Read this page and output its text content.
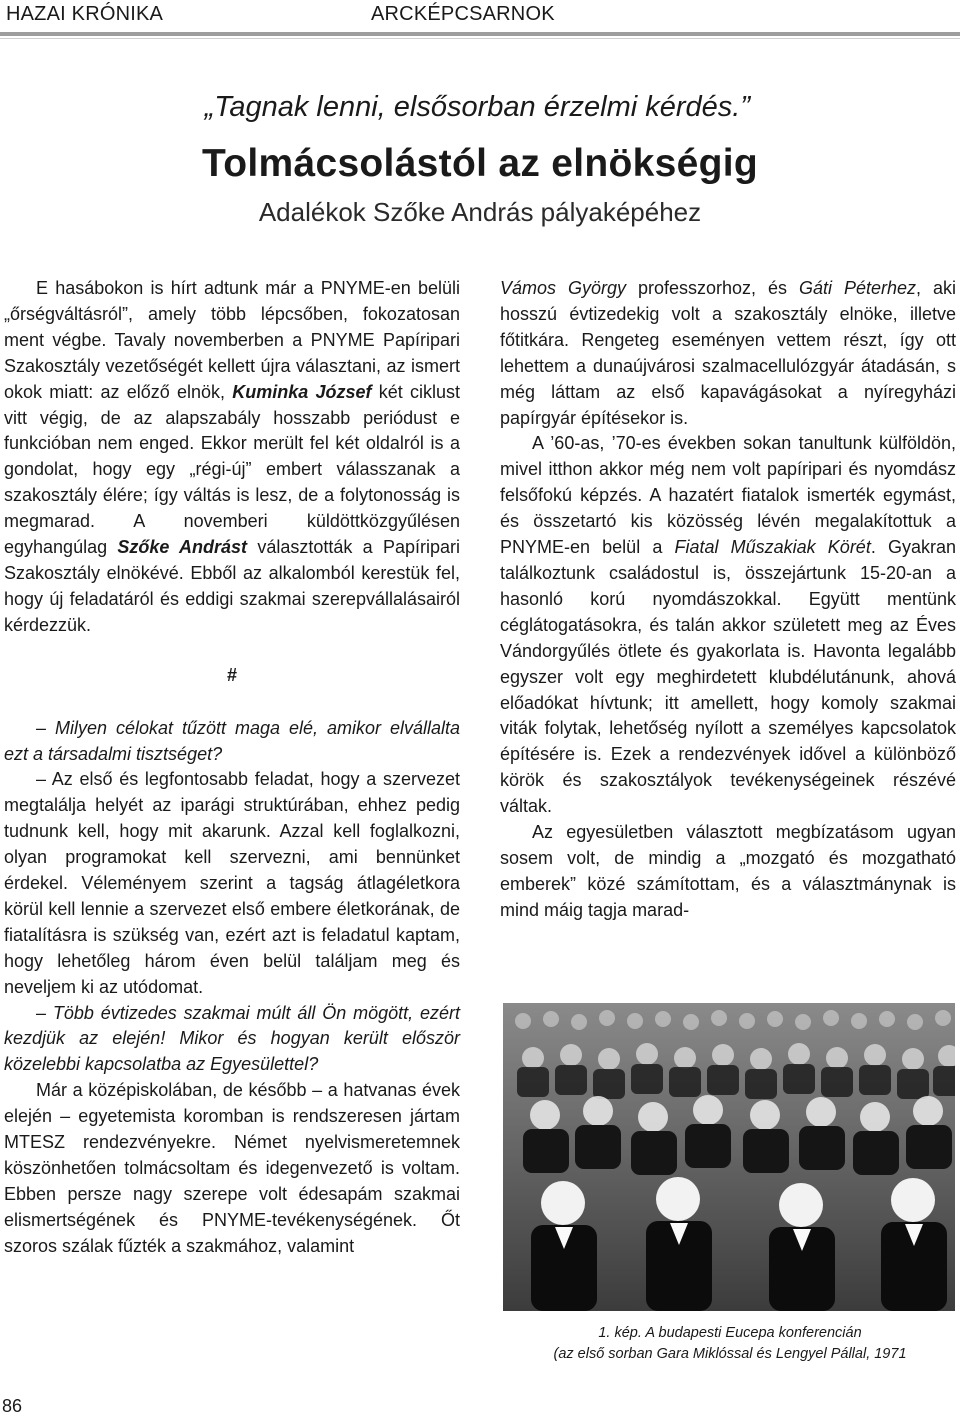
HAZAI KRÓNIKA	ARCKÉPCSARNOK
„Tagnak lenni, elsősorban érzelmi kérdés.”
Tolmácsolástól az elnökségig
Adalékok Szőke András pályaképéhez

E hasábokon is hírt adtunk már a PNYME-en belüli „őrségváltásról”, amely több lépcsőben, fokozatosan ment végbe. Tavaly novemberben a PNYME Papíripari Szakosztály vezetőségét kellett újra választani, az ismert okok miatt: az előző elnök, Kuminka József két ciklust vitt végig, de az alapszabály hosszabb periódust e funkcióban nem enged. Ekkor merült fel két oldalról is a gondolat, hogy egy „régi-új” embert válasszanak a szakosztály élére; így váltás is lesz, de a folytonosság is megmarad. A novemberi küldöttközgyűlésen egyhangúlag Szőke Andrást választották a Papíripari Szakosztály elnökévé. Ebből az alkalomból kerestük fel, hogy új feladatáról és eddigi szakmai szerepvállalásairól kérdezzük.

#

– Milyen célokat tűzött maga elé, amikor elvállalta ezt a társadalmi tisztséget?

– Az első és legfontosabb feladat, hogy a szervezet megtalálja helyét az iparági struktúrában, ehhez pedig tudnunk kell, hogy mit akarunk. Azzal kell foglalkozni, olyan programokat kell szervezni, ami bennünket érdekel. Véleményem szerint a tagság átlagéletkora körül kell lennie a szervezet első embere életkorának, de fiatalításra is szükség van, ezért azt is feladatul kaptam, hogy lehetőleg három éven belül találjam meg és neveljem ki az utódomat.

– Több évtizedes szakmai múlt áll Ön mögött, ezért kezdjük az elején! Mikor és hogyan került először közelebbi kapcsolatba az Egyesülettel?

Már a középiskolában, de később – a hatvanas évek elején – egyetemista koromban is rendszeresen jártam MTESZ rendezvényekre. Német nyelvismeretemnek köszönhetően tolmácsoltam és idegenvezető is voltam. Ebben persze nagy szerepe volt édesapám szakmai elismertségének és PNYME-tevékenységének. Őt szoros szálak fűzték a szakmához, valamint

Vámos György professzorhoz, és Gáti Péterhez, aki hosszú évtizedekig volt a szakosztály elnöke, illetve főtitkára. Rengeteg eseményen vettem részt, így ott lehettem a dunaújvárosi szalmacellulózgyár átadásán, s még láttam az első kapavágásokat a nyíregyházi papírgyár építésekor is.

A ’60-as, ’70-es években sokan tanultunk külföldön, mivel itthon akkor még nem volt papíripari és nyomdász felsőfokú képzés. A hazatért fiatalok ismerték egymást, és összetartó kis közösség lévén megalakítottuk a PNYME-en belül a Fiatal Műszakiak Körét. Gyakran találkoztunk családostul is, összejártunk 15-20-an a hasonló korú nyomdászokkal. Együtt mentünk céglátogatásokra, és talán akkor született meg az Éves Vándorgyűlés ötlete és gyakorlata is. Havonta legalább egyszer volt egy meghirdetett klubdélutánunk, ahová előadókat hívtunk; itt amellett, hogy komoly szakmai viták folytak, lehetőség nyílott a személyes kapcsolatok építésére is. Ezek a rendezvények idővel a különböző körök és szakosztályok tevékenységeinek részévé váltak.

Az egyesületben választott megbízatásom ugyan sosem volt, de mindig a „mozgató és mozgatható emberek” közé számítottam, és a választmánynak is mind máig tagja marad-

1. kép. A budapesti Eucepa konferencián
(az első sorban Gara Miklóssal és Lengyel Pállal, 1971
86
